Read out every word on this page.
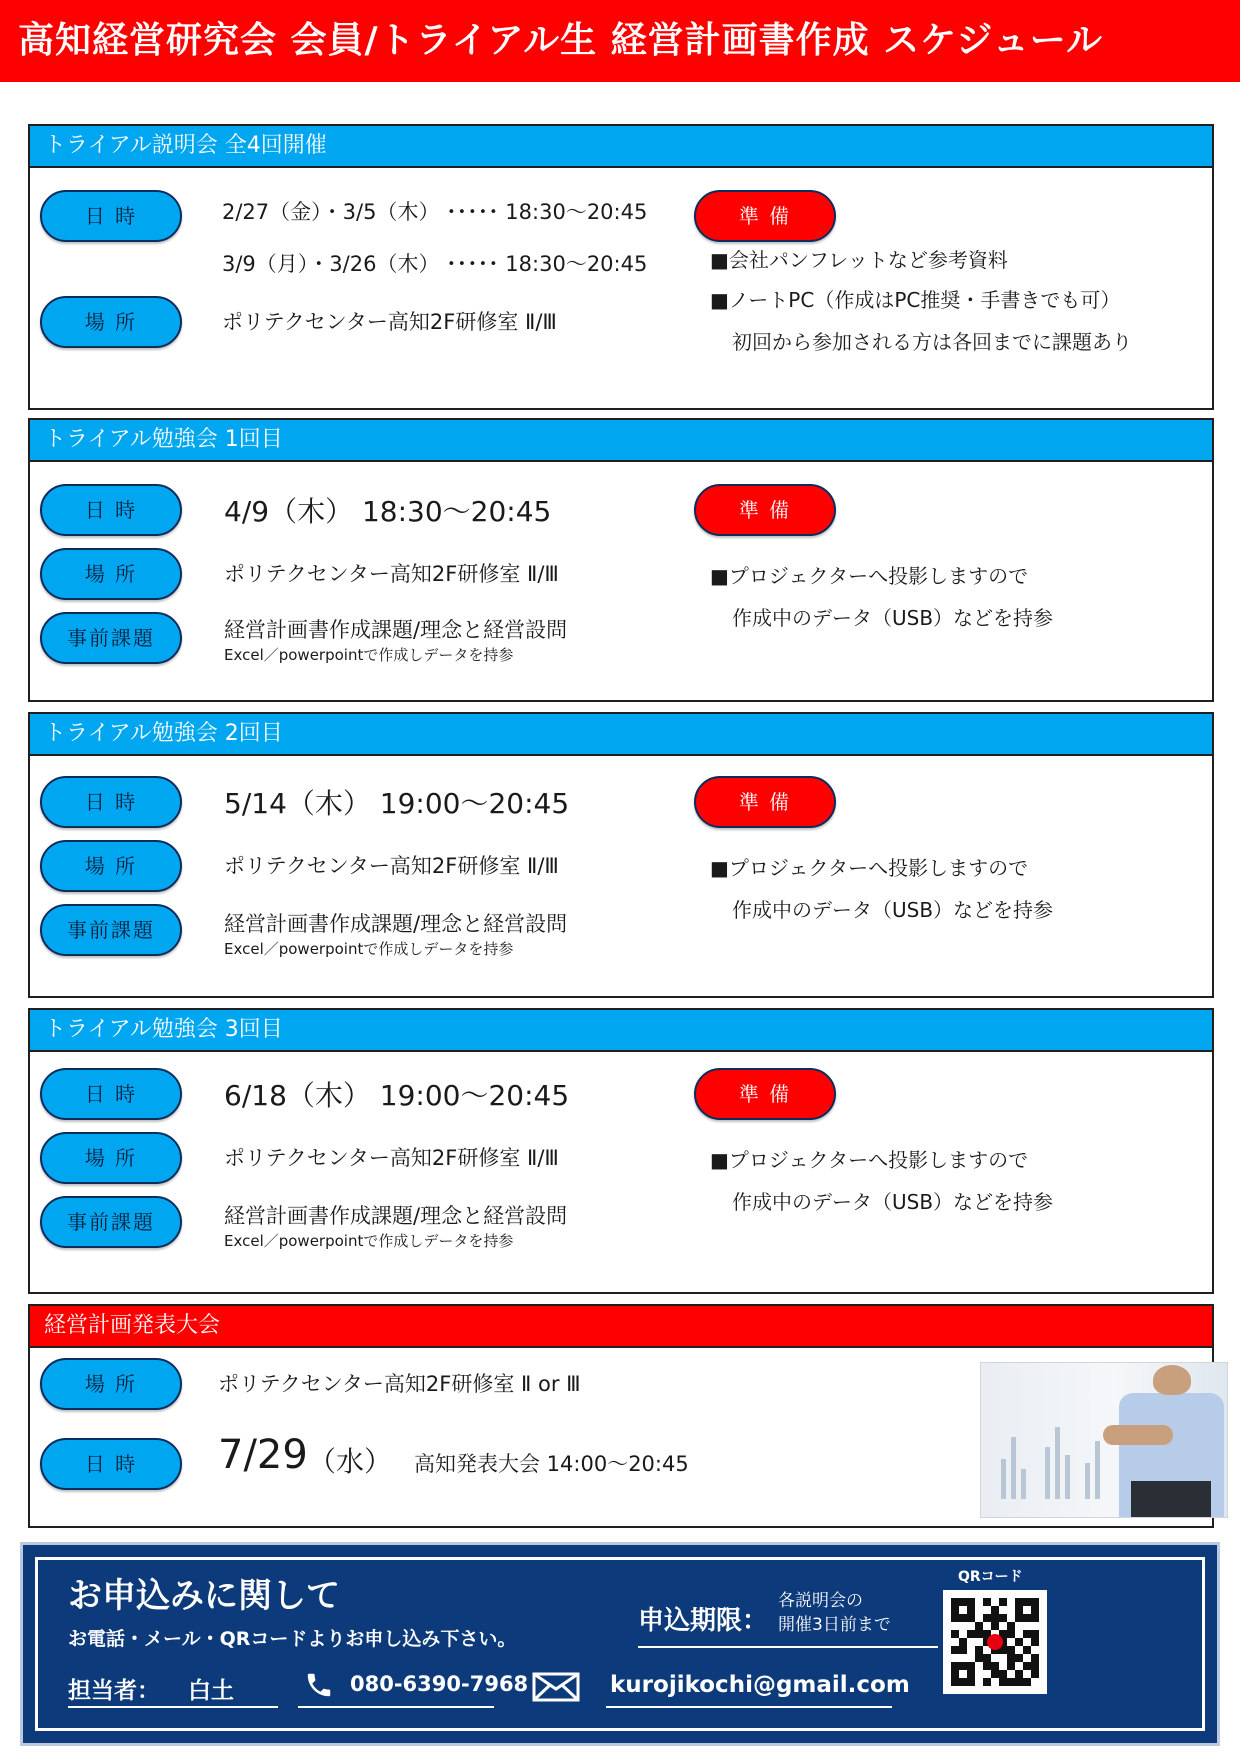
高知経営研究会 会員/トライアル生 経営計画書作成 スケジュール
トライアル説明会 全4回開催
日 時	2/27（金）・3/5（木） ･････ 18:30～20:45
3/9（月）・3/26（木） ･････ 18:30～20:45
場 所	ポリテクセンター高知2F研修室 Ⅱ/Ⅲ
準 備
■会社パンフレットなど参考資料
■ノートPC（作成はPC推奨・手書きでも可）
初回から参加される方は各回までに課題あり
トライアル勉強会 1回目
日 時	4/9（木） 18:30～20:45
場 所	ポリテクセンター高知2F研修室 Ⅱ/Ⅲ
事前課題	経営計画書作成課題/理念と経営設問
Excel／powerpointで作成しデータを持参
準 備
■プロジェクターへ投影しますので
作成中のデータ（USB）などを持参
トライアル勉強会 2回目
日 時	5/14（木） 19:00～20:45
場 所	ポリテクセンター高知2F研修室 Ⅱ/Ⅲ
事前課題	経営計画書作成課題/理念と経営設問
Excel／powerpointで作成しデータを持参
準 備
■プロジェクターへ投影しますので
作成中のデータ（USB）などを持参
トライアル勉強会 3回目
日 時	6/18（木） 19:00～20:45
場 所	ポリテクセンター高知2F研修室 Ⅱ/Ⅲ
事前課題	経営計画書作成課題/理念と経営設問
Excel／powerpointで作成しデータを持参
準 備
■プロジェクターへ投影しますので
作成中のデータ（USB）などを持参
経営計画発表大会
場 所	ポリテクセンター高知2F研修室 Ⅱ or Ⅲ
日 時	7/29 （水） 高知発表大会 14:00～20:45
お申込みに関して
お電話・メール・QRコードよりお申し込み下さい。
申込期限：
各説明会の
開催3日前まで
担当者： 白土	080-6390-7968	kurojikochi@gmail.com
QRコード
